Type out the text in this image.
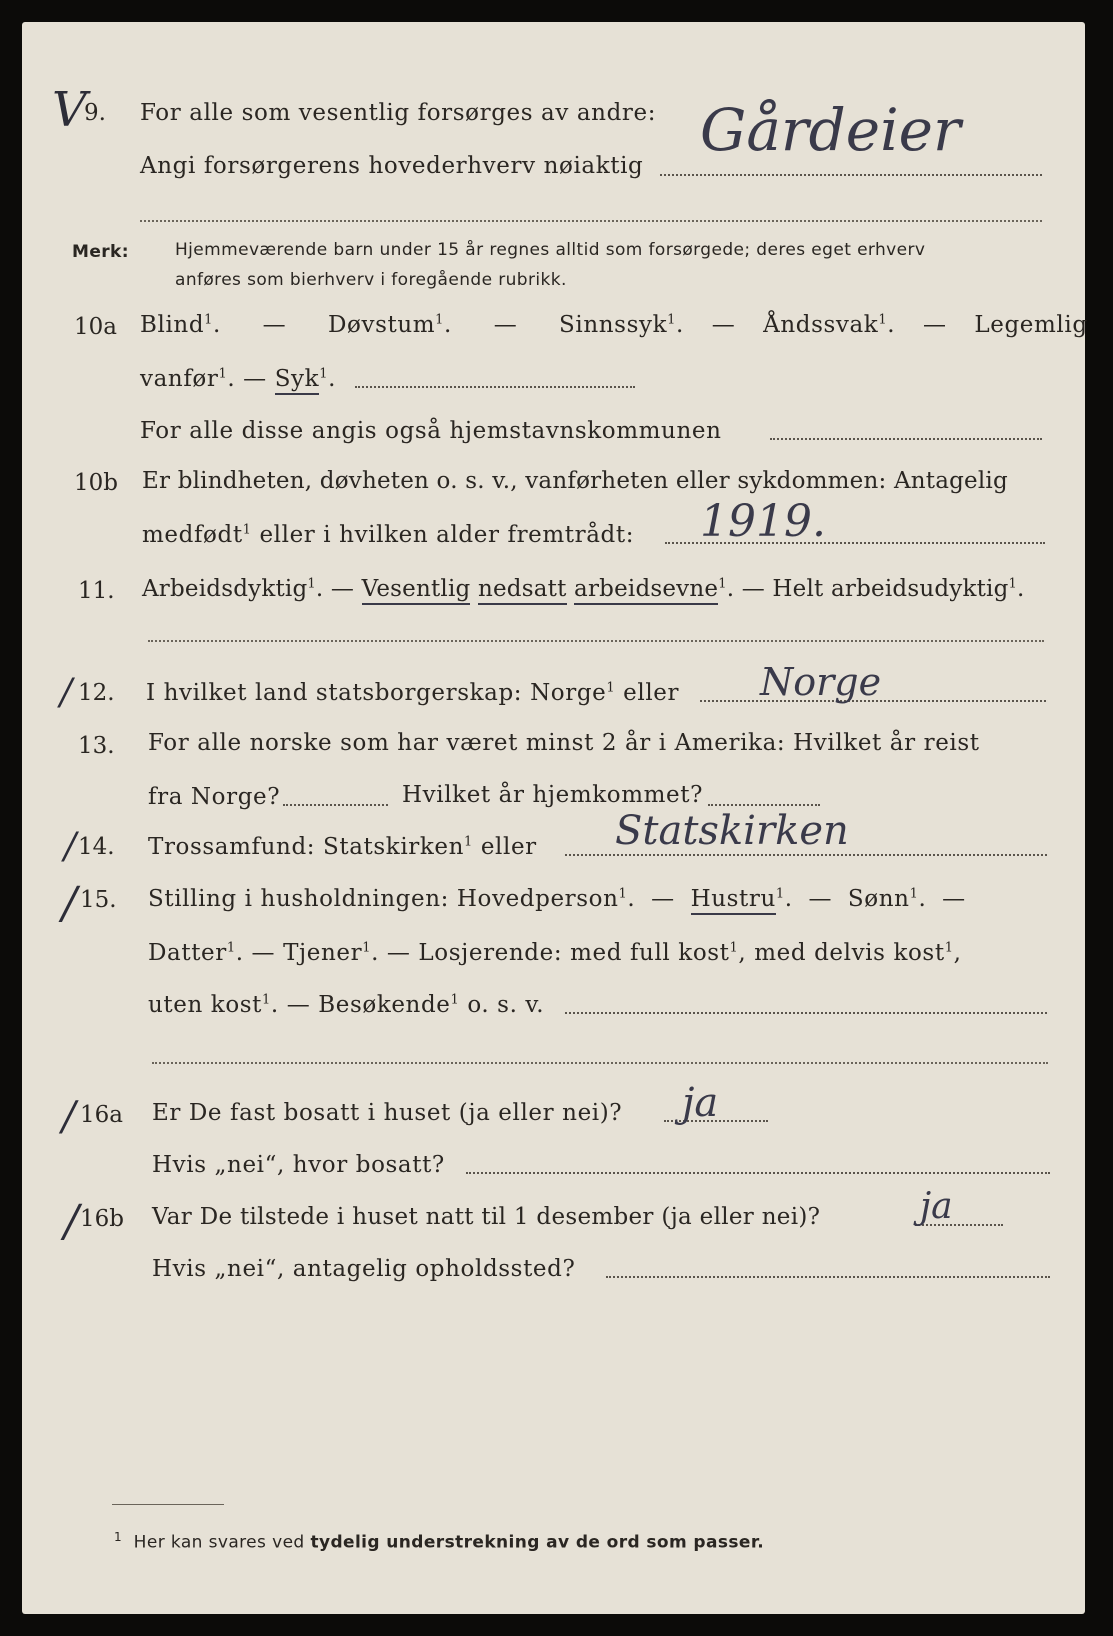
V
9. For alle som vesentlig forsørges av andre:
Angi forsørgerens hovederhverv nøiaktig
Gårdeier
Merk:	Hjemmeværende barn under 15 år regnes alltid som forsørgede; deres eget erhverv
anføres som bierhverv i foregående rubrikk.
10a Blind$^1$.   —   Døvstum$^1$.   —   Sinnssyk$^1$.  —  Åndssvak$^1$.  —  Legemlig
vanfør$^1$. — Syk$^1$.
For alle disse angis også hjemstavnskommunen
10b Er blindheten, døvheten o. s. v., vanførheten eller sykdommen: Antagelig
medfødt$^1$ eller i hvilken alder fremtrådt: 1919.
11. Arbeidsdyktig$^1$. — Vesentlig nedsatt arbeidsevne$^1$. — Helt arbeidsudyktig$^1$.
/ 12. I hvilket land statsborgerskap: Norge$^1$ eller Norge
13. For alle norske som har været minst 2 år i Amerika: Hvilket år reist
fra Norge?	Hvilket år hjemkommet?
/ 14. Trossamfund: Statskirken$^1$ eller Statskirken
/ 15. Stilling i husholdningen: Hovedperson$^1$.  —  Hustru$^1$.  —  Sønn$^1$.  —
Datter$^1$. — Tjener$^1$. — Losjerende: med full kost$^1$, med delvis kost$^1$,
uten kost$^1$. — Besøkende$^1$ o. s. v.
/ 16a Er De fast bosatt i huset (ja eller nei)? ja
Hvis „nei“, hvor bosatt?
/ 16b Var De tilstede i huset natt til 1 desember (ja eller nei)?	ja
Hvis „nei“, antagelig opholdssted?
$^1$ Her kan svares ved tydelig understrekning av de ord som passer.
